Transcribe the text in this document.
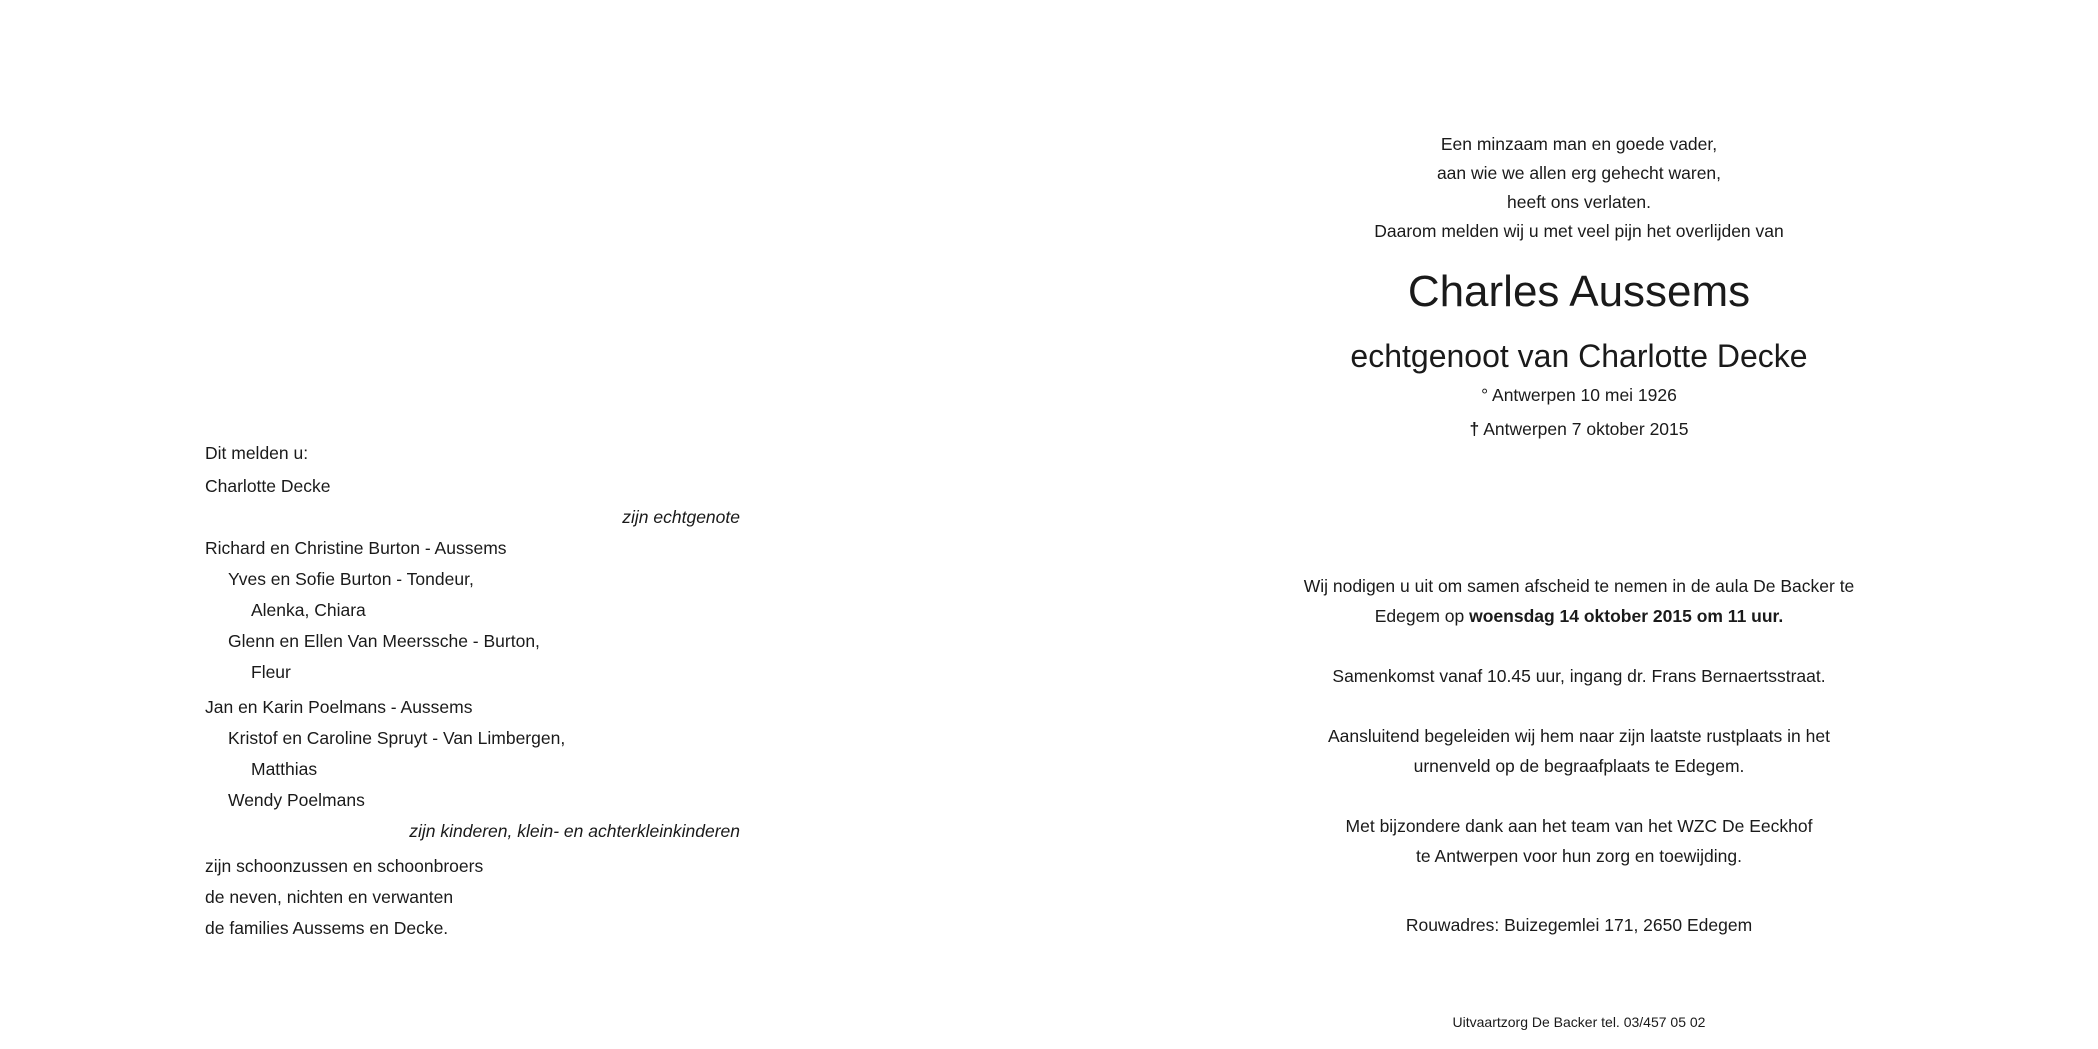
Dit melden u:
Charlotte Decke
zijn echtgenote
Richard en Christine Burton - Aussems
Yves en Sofie Burton - Tondeur,
Alenka, Chiara
Glenn en Ellen Van Meerssche - Burton,
Fleur
Jan en Karin Poelmans - Aussems
Kristof en Caroline Spruyt - Van Limbergen,
Matthias
Wendy Poelmans
zijn kinderen, klein- en achterkleinkinderen
zijn schoonzussen en schoonbroers
de neven, nichten en verwanten
de families Aussems en Decke.
Een minzaam man en goede vader,
aan wie we allen erg gehecht waren,
heeft ons verlaten.
Daarom melden wij u met veel pijn het overlijden van
Charles Aussems
echtgenoot van Charlotte Decke
° Antwerpen 10 mei 1926
† Antwerpen 7 oktober 2015
Wij nodigen u uit om samen afscheid te nemen in de aula De Backer te
Edegem op woensdag 14 oktober 2015 om 11 uur.
Samenkomst vanaf 10.45 uur, ingang dr. Frans Bernaertsstraat.
Aansluitend begeleiden wij hem naar zijn laatste rustplaats in het
urnenveld op de begraafplaats te Edegem.
Met bijzondere dank aan het team van het WZC De Eeckhof
te Antwerpen voor hun zorg en toewijding.
Rouwadres: Buizegemlei 171, 2650 Edegem
Uitvaartzorg De Backer tel. 03/457 05 02
